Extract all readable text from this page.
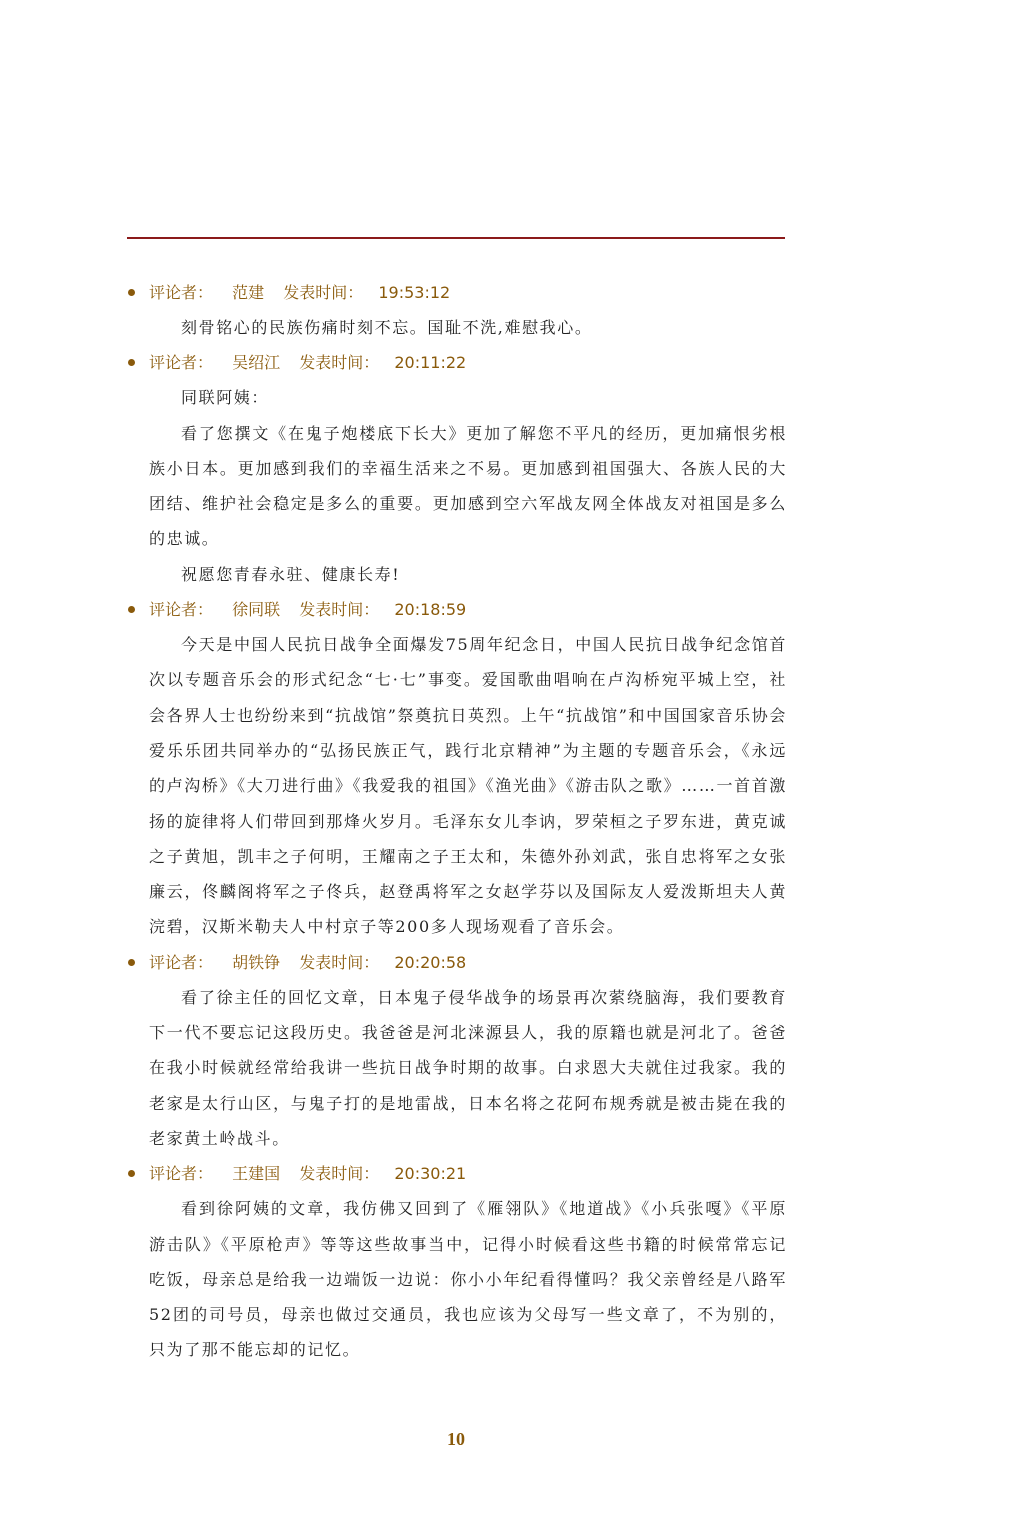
评论者： 范建 发表时间： 19:53:12

刻骨铭心的民族伤痛时刻不忘。国耻不洗,难慰我心。

评论者： 吴绍江 发表时间： 20:11:22

同联阿姨：

看了您撰文《在鬼子炮楼底下长大》更加了解您不平凡的经历，更加痛恨劣根族小日本。更加感到我们的幸福生活来之不易。更加感到祖国强大、各族人民的大团结、维护社会稳定是多么的重要。更加感到空六军战友网全体战友对祖国是多么的忠诚。

祝愿您青春永驻、健康长寿!

评论者： 徐同联 发表时间： 20:18:59

今天是中国人民抗日战争全面爆发75周年纪念日，中国人民抗日战争纪念馆首次以专题音乐会的形式纪念“七·七”事变。爱国歌曲唱响在卢沟桥宛平城上空，社会各界人士也纷纷来到“抗战馆”祭奠抗日英烈。上午“抗战馆”和中国国家音乐协会爱乐乐团共同举办的“弘扬民族正气，践行北京精神”为主题的专题音乐会，《永远的卢沟桥》《大刀进行曲》《我爱我的祖国》《渔光曲》《游击队之歌》……一首首激扬的旋律将人们带回到那烽火岁月。毛泽东女儿李讷，罗荣桓之子罗东进，黄克诚之子黄旭，凯丰之子何明，王耀南之子王太和，朱德外孙刘武，张自忠将军之女张廉云，佟麟阁将军之子佟兵，赵登禹将军之女赵学芬以及国际友人爱泼斯坦夫人黄浣碧，汉斯米勒夫人中村京子等200多人现场观看了音乐会。

评论者： 胡铁铮 发表时间： 20:20:58

看了徐主任的回忆文章，日本鬼子侵华战争的场景再次萦绕脑海，我们要教育下一代不要忘记这段历史。我爸爸是河北涞源县人，我的原籍也就是河北了。爸爸在我小时候就经常给我讲一些抗日战争时期的故事。白求恩大夫就住过我家。我的老家是太行山区，与鬼子打的是地雷战，日本名将之花阿布规秀就是被击毙在我的老家黄土岭战斗。

评论者： 王建国 发表时间： 20:30:21

看到徐阿姨的文章，我仿佛又回到了《雁翎队》《地道战》《小兵张嘎》《平原游击队》《平原枪声》等等这些故事当中，记得小时候看这些书籍的时候常常忘记吃饭，母亲总是给我一边端饭一边说：你小小年纪看得懂吗？我父亲曾经是八路军52团的司号员，母亲也做过交通员，我也应该为父母写一些文章了，不为别的，只为了那不能忘却的记忆。

10
